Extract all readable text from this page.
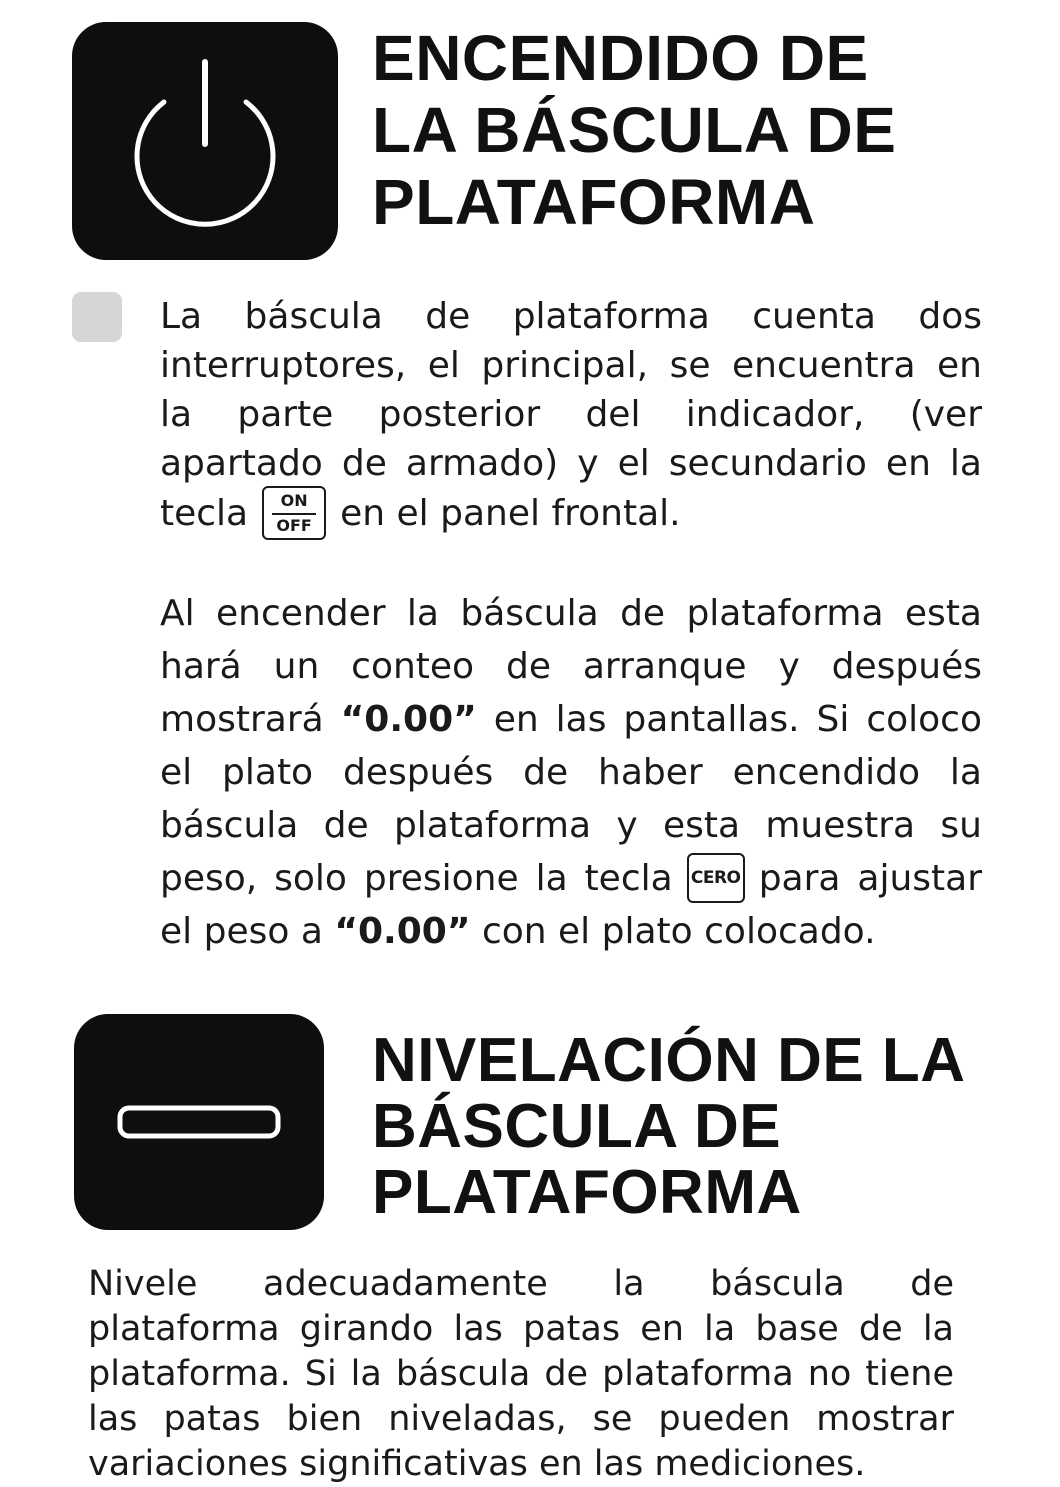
ENCENDIDO DE
LA BÁSCULA DE
PLATAFORMA

La báscula de plataforma cuenta dos
interruptores, el principal, se encuentra en
la parte posterior del indicador, (ver
apartado de armado) y el secundario en la
tecla	ON
OFF en el panel frontal.

Al encender la báscula de plataforma esta
hará un conteo de arranque y después
mostrará “0.00” en las pantallas. Si coloco
el plato después de haber encendido la
báscula de plataforma y esta muestra su
peso, solo presione la tecla CERO para ajustar
el peso a “0.00” con el plato colocado.

NIVELACIÓN DE LA
BÁSCULA DE
PLATAFORMA

Nivele adecuadamente la báscula de
plataforma girando las patas en la base de la
plataforma. Si la báscula de plataforma no tiene
las patas bien niveladas, se pueden mostrar
variaciones significativas en las mediciones.
